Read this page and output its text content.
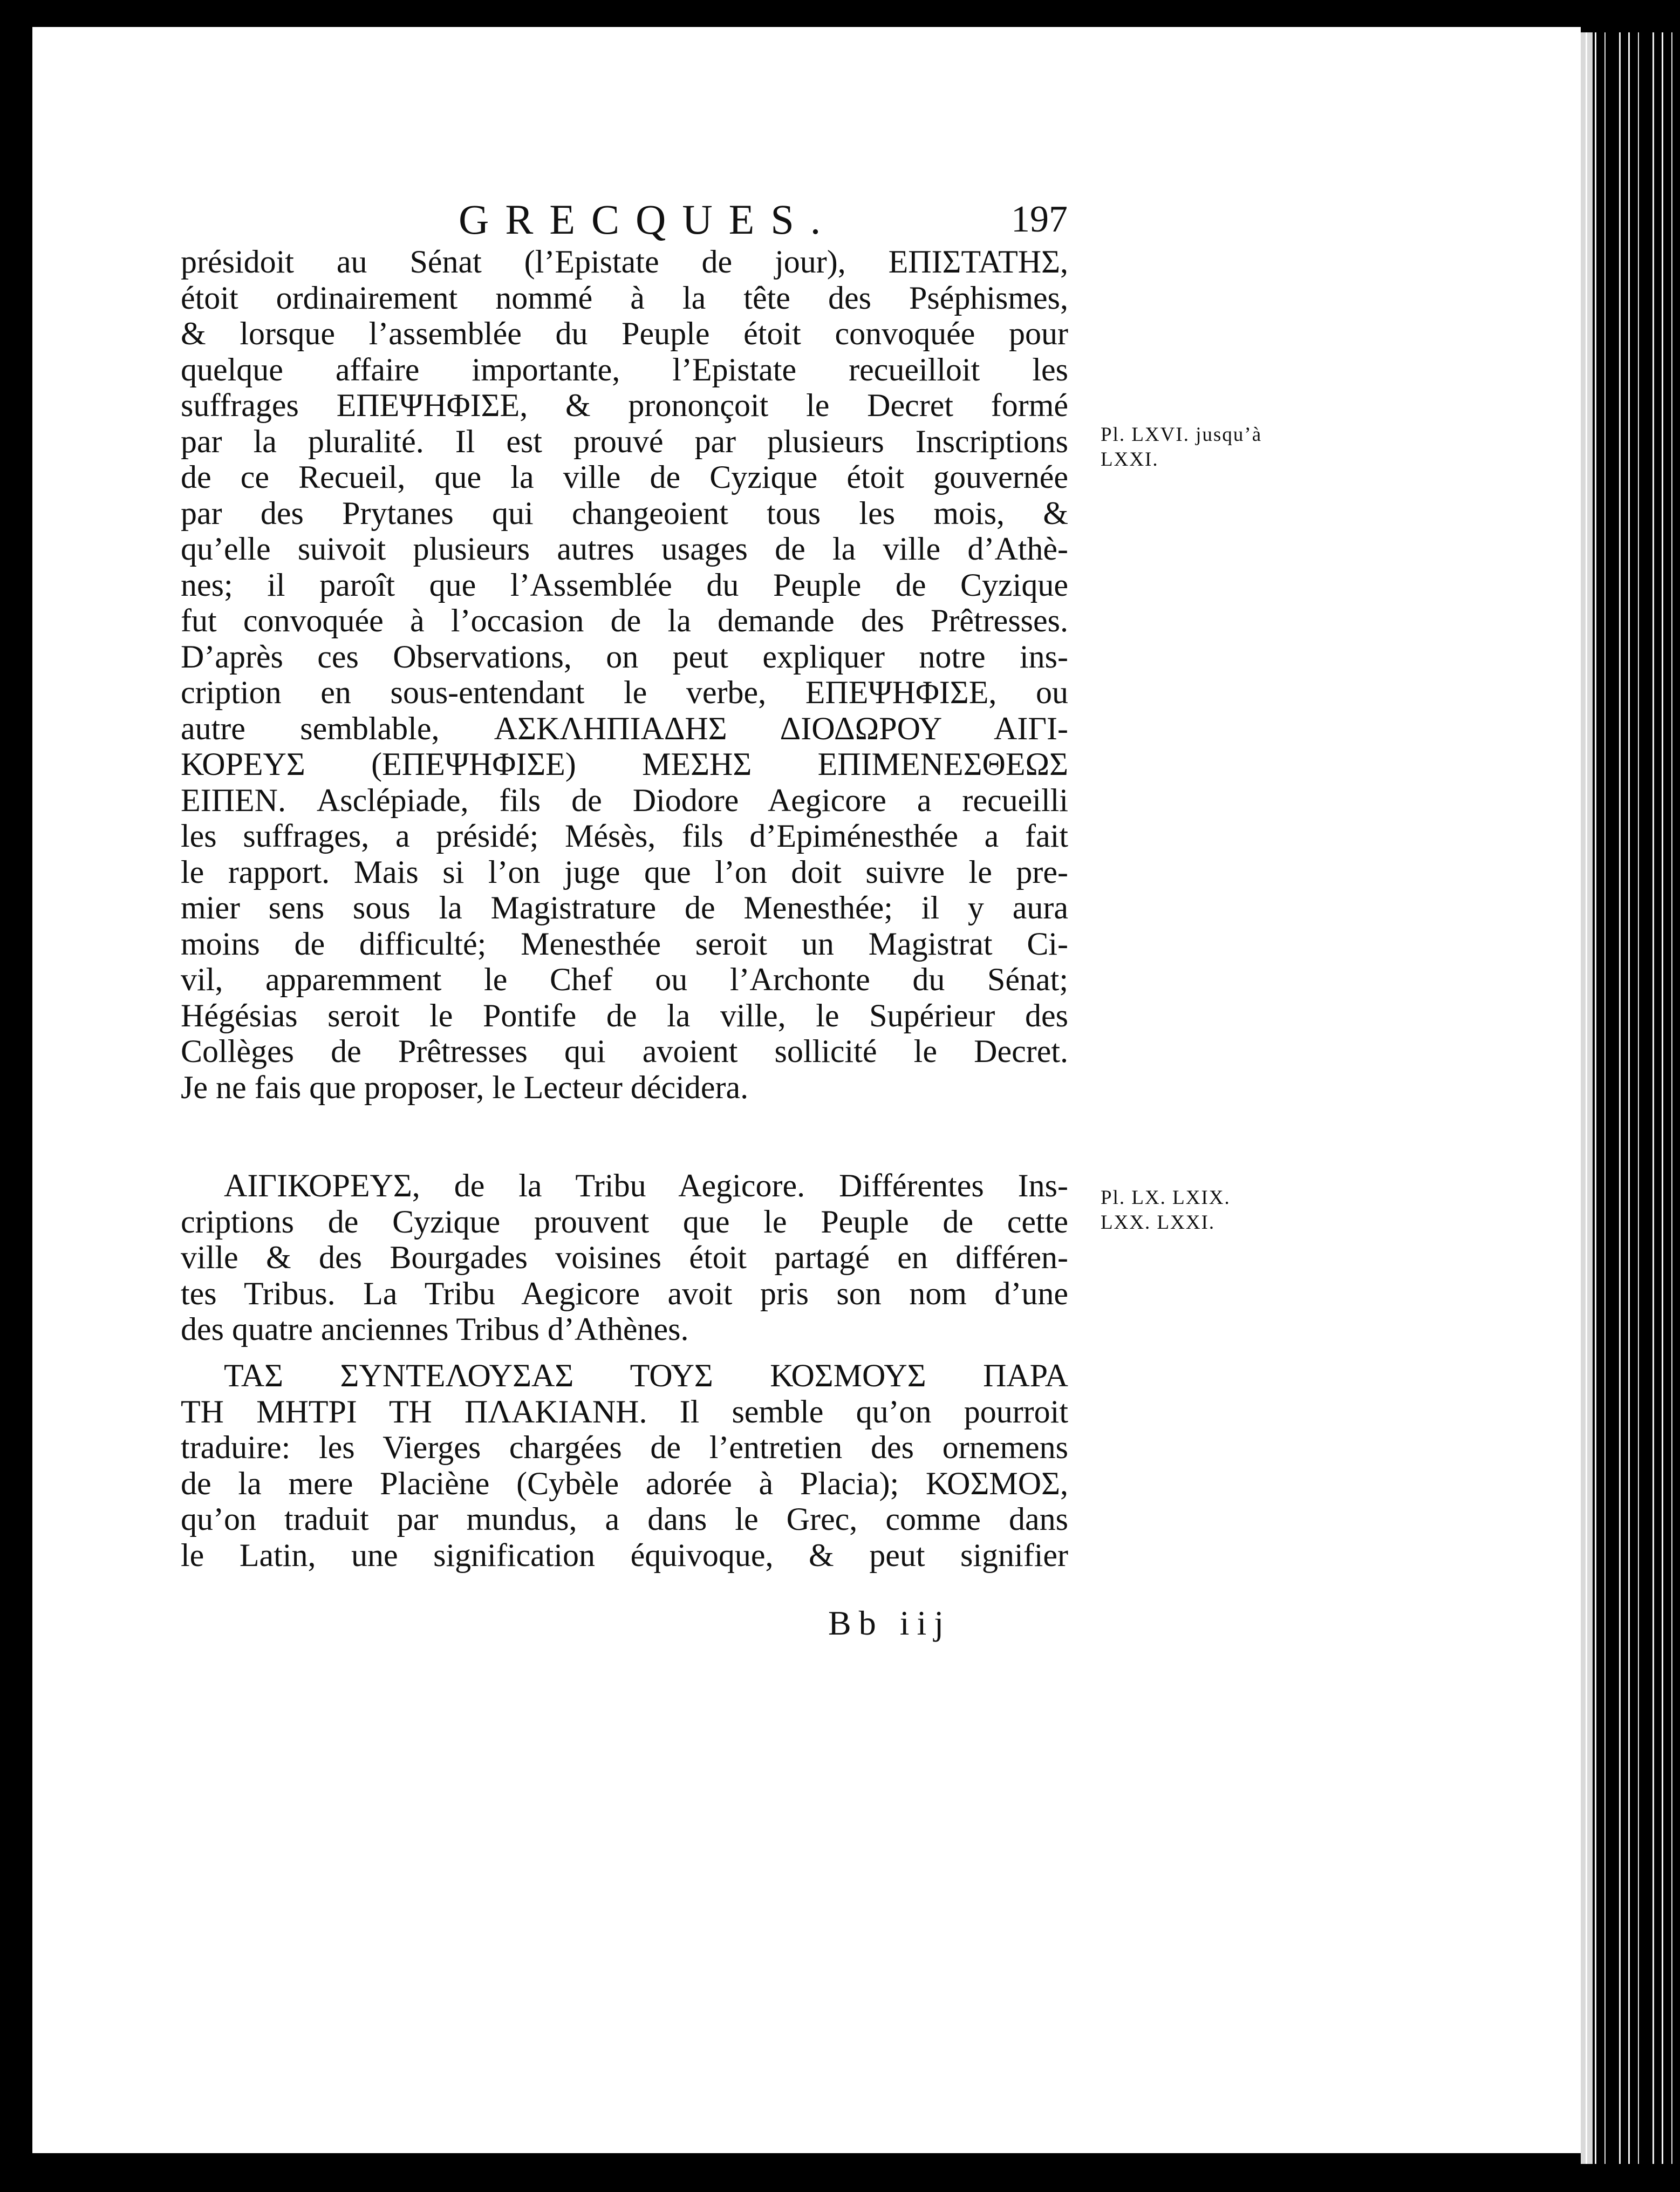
GRECQUES.	197
présidoit au Sénat (l’Epistate de jour), ΕΠΙΣΤΑΤΗΣ,
étoit ordinairement nommé à la tête des Pséphismes,
& lorsque l’assemblée du Peuple étoit convoquée pour
quelque affaire importante, l’Epistate recueilloit les
suffrages ΕΠΕΨΗΦΙΣΕ, & prononçoit le Decret formé
par la pluralité. Il est prouvé par plusieurs Inscriptions
de ce Recueil, que la ville de Cyzique étoit gouvernée
par des Prytanes qui changeoient tous les mois, &
qu’elle suivoit plusieurs autres usages de la ville d’Athè-
nes; il paroît que l’Assemblée du Peuple de Cyzique
fut convoquée à l’occasion de la demande des Prêtresses.
D’après ces Observations, on peut expliquer notre ins-
cription en sous-entendant le verbe, ΕΠΕΨΗΦΙΣΕ, ou
autre semblable, ΑΣΚΛΗΠΙΑΔΗΣ ΔΙΟΔΩΡΟΥ ΑΙΓΙ-
ΚΟΡΕΥΣ (ΕΠΕΨΗΦΙΣΕ) ΜΕΣΗΣ ΕΠΙΜΕΝΕΣΘΕΩΣ
ΕΙΠΕΝ. Asclépiade, fils de Diodore Aegicore a recueilli
les suffrages, a présidé; Mésès, fils d’Epiménesthée a fait
le rapport. Mais si l’on juge que l’on doit suivre le pre-
mier sens sous la Magistrature de Menesthée; il y aura
moins de difficulté; Menesthée seroit un Magistrat Ci-
vil, apparemment le Chef ou l’Archonte du Sénat;
Hégésias seroit le Pontife de la ville, le Supérieur des
Collèges de Prêtresses qui avoient sollicité le Decret.
Je ne fais que proposer, le Lecteur décidera.
ΑΙΓΙΚΟΡΕΥΣ, de la Tribu Aegicore. Différentes Ins-
criptions de Cyzique prouvent que le Peuple de cette
ville & des Bourgades voisines étoit partagé en différen-
tes Tribus. La Tribu Aegicore avoit pris son nom d’une
des quatre anciennes Tribus d’Athènes.
ΤΑΣ ΣΥΝΤΕΛΟΥΣΑΣ ΤΟΥΣ ΚΟΣΜΟΥΣ ΠΑΡΑ
ΤΗ ΜΗΤΡΙ ΤΗ ΠΛΑΚΙΑΝΗ. Il semble qu’on pourroit
traduire: les Vierges chargées de l’entretien des ornemens
de la mere Placiène (Cybèle adorée à Placia); ΚΟΣΜΟΣ,
qu’on traduit par mundus, a dans le Grec, comme dans
le Latin, une signification équivoque, & peut signifier
Pl. LXVI. jusqu’à
LXXI.
Pl. LX. LXIX.
LXX. LXXI.
Bb iij
